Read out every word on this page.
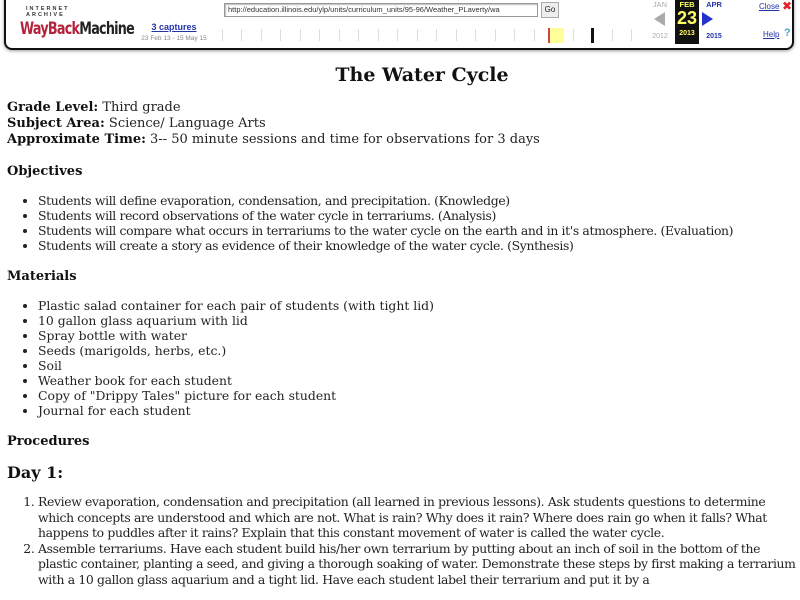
INTERNET ARCHIVE
WayBackMachine	3 captures
23 Feb 13 - 15 May 15
http://education.illinois.edu/ylp/units/curriculum_units/95-96/Weather_PLaverty/wa	Go
JAN
2012
FEB
23
2013
APR
2015
Close ✖
Help ?
The Water Cycle
Grade Level: Third grade
Subject Area: Science/ Language Arts
Approximate Time: 3-- 50 minute sessions and time for observations for 3 days
Objectives
• Students will define evaporation, condensation, and precipitation. (Knowledge)
• Students will record observations of the water cycle in terrariums. (Analysis)
• Students will compare what occurs in terrariums to the water cycle on the earth and in it's atmosphere. (Evaluation)
• Students will create a story as evidence of their knowledge of the water cycle. (Synthesis)
Materials
• Plastic salad container for each pair of students (with tight lid)
• 10 gallon glass aquarium with lid
• Spray bottle with water
• Seeds (marigolds, herbs, etc.)
• Soil
• Weather book for each student
• Copy of "Drippy Tales" picture for each student
• Journal for each student
Procedures
Day 1:
1. Review evaporation, condensation and precipitation (all learned in previous lessons). Ask students questions to determine which concepts are understood and which are not. What is rain? Why does it rain? Where does rain go when it falls? What happens to puddles after it rains? Explain that this constant movement of water is called the water cycle.
2. Assemble terrariums. Have each student build his/her own terrarium by putting about an inch of soil in the bottom of the plastic container, planting a seed, and giving a thorough soaking of water. Demonstrate these steps by first making a terrarium with a 10 gallon glass aquarium and a tight lid. Have each student label their terrarium and put it by a
